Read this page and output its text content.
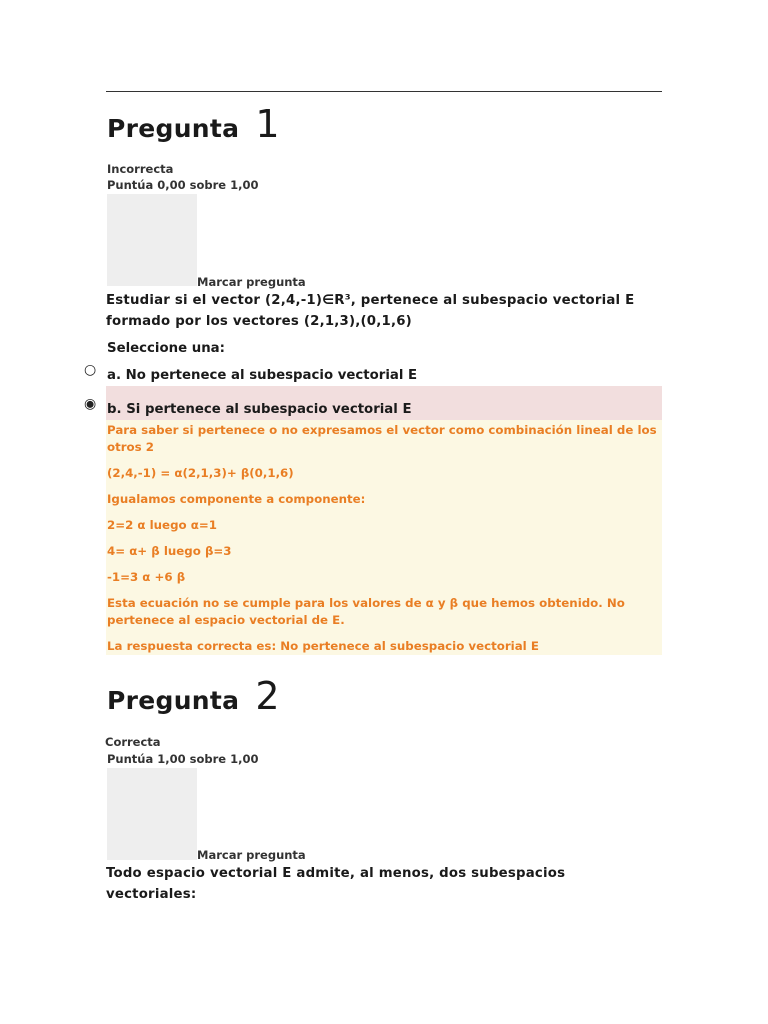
Pregunta 1
Incorrecta
Puntúa 0,00 sobre 1,00
Marcar pregunta
Estudiar si el vector (2,4,-1)∈R³, pertenece al subespacio vectorial E
formado por los vectores (2,1,3),(0,1,6)
Seleccione una:
○ a. No pertenece al subespacio vectorial E
◉ b. Si pertenece al subespacio vectorial E
Para saber si pertenece o no expresamos el vector como combinación lineal de los otros 2
(2,4,-1) = α(2,1,3)+ β(0,1,6)
Igualamos componente a componente:
2=2 α luego α=1
4= α+ β luego β=3
-1=3 α +6 β
Esta ecuación no se cumple para los valores de α y β que hemos obtenido. No pertenece al espacio vectorial de E.
La respuesta correcta es: No pertenece al subespacio vectorial E
Pregunta 2
Correcta
Puntúa 1,00 sobre 1,00
Marcar pregunta
Todo espacio vectorial E admite, al menos, dos subespacios
vectoriales:
